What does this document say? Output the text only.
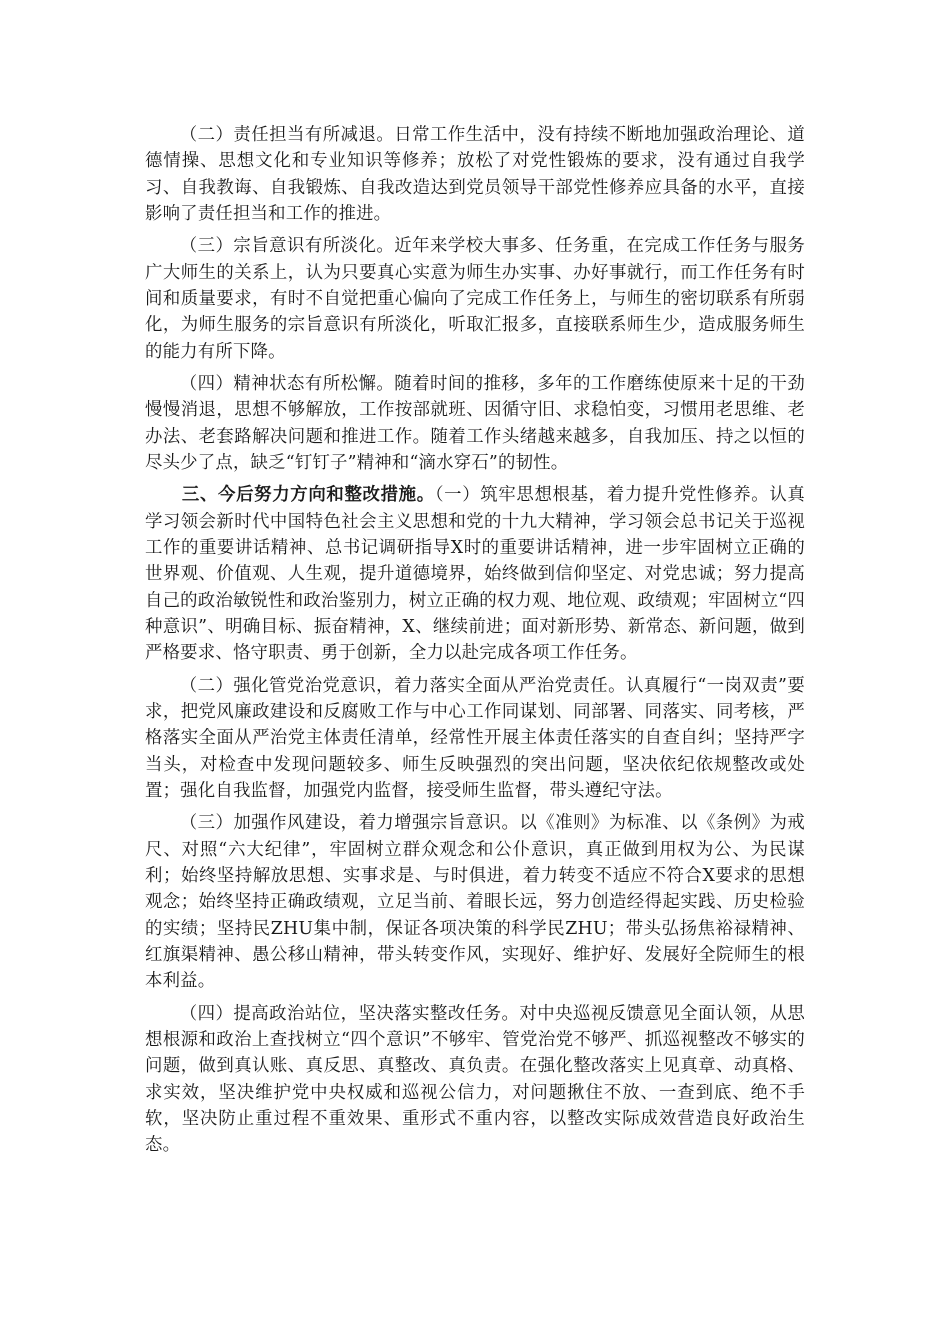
（二）责任担当有所减退。日常工作生活中，没有持续不断地加强政治理论、道德情操、思想文化和专业知识等修养；放松了对党性锻炼的要求，没有通过自我学习、自我教诲、自我锻炼、自我改造达到党员领导干部党性修养应具备的水平，直接影响了责任担当和工作的推进。

（三）宗旨意识有所淡化。近年来学校大事多、任务重，在完成工作任务与服务广大师生的关系上，认为只要真心实意为师生办实事、办好事就行，而工作任务有时间和质量要求，有时不自觉把重心偏向了完成工作任务上，与师生的密切联系有所弱化，为师生服务的宗旨意识有所淡化，听取汇报多，直接联系师生少，造成服务师生的能力有所下降。

（四）精神状态有所松懈。随着时间的推移，多年的工作磨练使原来十足的干劲慢慢消退，思想不够解放，工作按部就班、因循守旧、求稳怕变，习惯用老思维、老办法、老套路解决问题和推进工作。随着工作头绪越来越多，自我加压、持之以恒的尽头少了点，缺乏“钉钉子”精神和“滴水穿石”的韧性。

三、今后努力方向和整改措施。（一）筑牢思想根基，着力提升党性修养。认真学习领会新时代中国特色社会主义思想和党的十九大精神，学习领会总书记关于巡视工作的重要讲话精神、总书记调研指导X时的重要讲话精神，进一步牢固树立正确的世界观、价值观、人生观，提升道德境界，始终做到信仰坚定、对党忠诚；努力提高自己的政治敏锐性和政治鉴别力，树立正确的权力观、地位观、政绩观；牢固树立“四种意识”、明确目标、振奋精神，X、继续前进；面对新形势、新常态、新问题，做到严格要求、恪守职责、勇于创新，全力以赴完成各项工作任务。

（二）强化管党治党意识，着力落实全面从严治党责任。认真履行“一岗双责”要求，把党风廉政建设和反腐败工作与中心工作同谋划、同部署、同落实、同考核，严格落实全面从严治党主体责任清单，经常性开展主体责任落实的自查自纠；坚持严字当头，对检查中发现问题较多、师生反映强烈的突出问题，坚决依纪依规整改或处置；强化自我监督，加强党内监督，接受师生监督，带头遵纪守法。

（三）加强作风建设，着力增强宗旨意识。以《准则》为标准、以《条例》为戒尺、对照“六大纪律”，牢固树立群众观念和公仆意识，真正做到用权为公、为民谋利；始终坚持解放思想、实事求是、与时俱进，着力转变不适应不符合X要求的思想观念；始终坚持正确政绩观，立足当前、着眼长远，努力创造经得起实践、历史检验的实绩；坚持民ZHU集中制，保证各项决策的科学民ZHU；带头弘扬焦裕禄精神、红旗渠精神、愚公移山精神，带头转变作风，实现好、维护好、发展好全院师生的根本利益。

（四）提高政治站位，坚决落实整改任务。对中央巡视反馈意见全面认领，从思想根源和政治上查找树立“四个意识”不够牢、管党治党不够严、抓巡视整改不够实的问题，做到真认账、真反思、真整改、真负责。在强化整改落实上见真章、动真格、求实效，坚决维护党中央权威和巡视公信力，对问题揪住不放、一查到底、绝不手软，坚决防止重过程不重效果、重形式不重内容，以整改实际成效营造良好政治生态。
